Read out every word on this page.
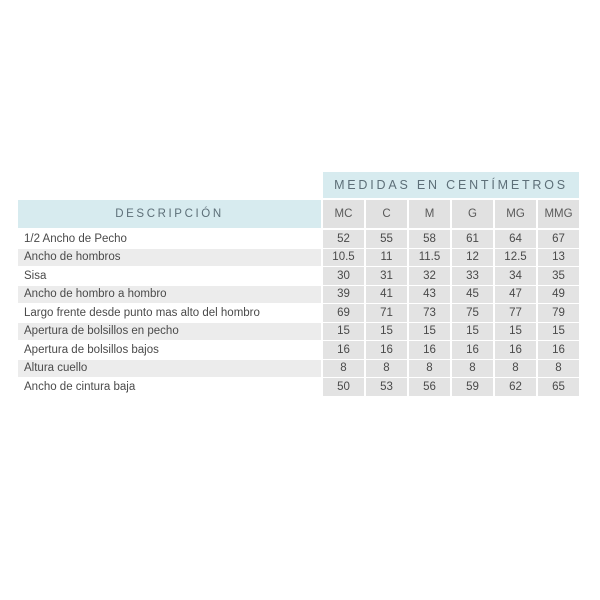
	MEDIDAS EN CENTÍMETROS					

DESCRIPCIÓN	MC	C	M	G	MG	MMG

1/2 Ancho de Pecho	52	55	58	61	64	67
Ancho de hombros	10.5	11	11.5	12	12.5	13
Sisa	30	31	32	33	34	35
Ancho de hombro a hombro	39	41	43	45	47	49
Largo frente desde punto mas alto del hombro	69	71	73	75	77	79
Apertura de bolsillos en pecho	15	15	15	15	15	15
Apertura de bolsillos bajos	16	16	16	16	16	16
Altura cuello	8	8	8	8	8	8
Ancho de cintura baja	50	53	56	59	62	65
